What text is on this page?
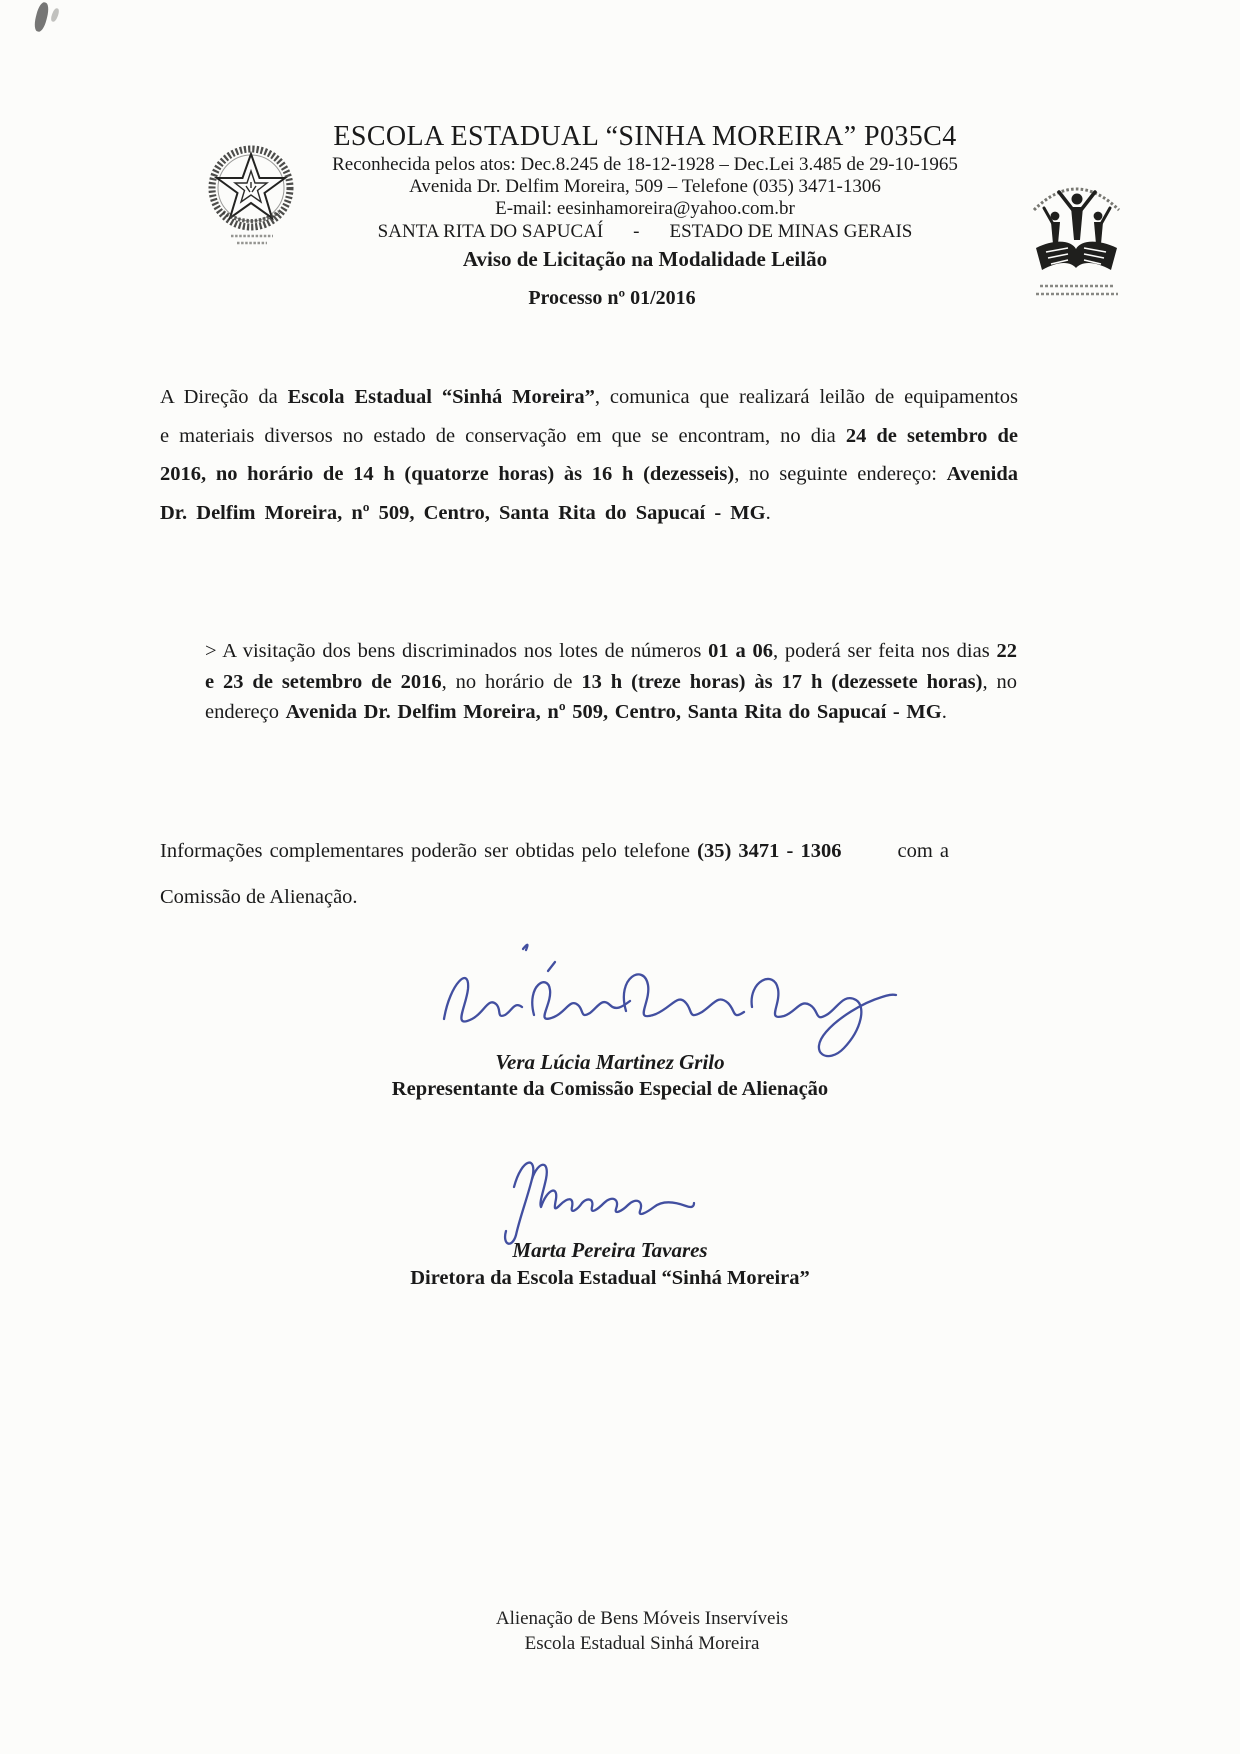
ESCOLA ESTADUAL “SINHA MOREIRA” P035C4
Reconhecida pelos atos: Dec.8.245 de 18-12-1928 – Dec.Lei 3.485 de 29-10-1965
Avenida Dr. Delfim Moreira, 509 – Telefone (035) 3471-1306
E-mail: eesinhamoreira@yahoo.com.br
SANTA RITA DO SAPUCAÍ - ESTADO DE MINAS GERAIS
Aviso de Licitação na Modalidade Leilão
Processo nº 01/2016

A Direção da Escola Estadual “Sinhá Moreira”, comunica que realizará leilão de equipamentos e materiais diversos no estado de conservação em que se encontram, no dia 24 de setembro de 2016, no horário de 14 h (quatorze horas) às 16 h (dezesseis), no seguinte endereço: Avenida Dr. Delfim Moreira, nº 509, Centro, Santa Rita do Sapucaí - MG.

> A visitação dos bens discriminados nos lotes de números 01 a 06, poderá ser feita nos dias 22 e 23 de setembro de 2016, no horário de 13 h (treze horas) às 17 h (dezessete horas), no endereço Avenida Dr. Delfim Moreira, nº 509, Centro, Santa Rita do Sapucaí - MG.

Informações complementares poderão ser obtidas pelo telefone (35) 3471 - 1306	com a
Comissão de Alienação.
Vera Lúcia Martinez Grilo
Representante da Comissão Especial de Alienação
Marta Pereira Tavares
Diretora da Escola Estadual “Sinhá Moreira”
Alienação de Bens Móveis Inservíveis
Escola Estadual Sinhá Moreira
